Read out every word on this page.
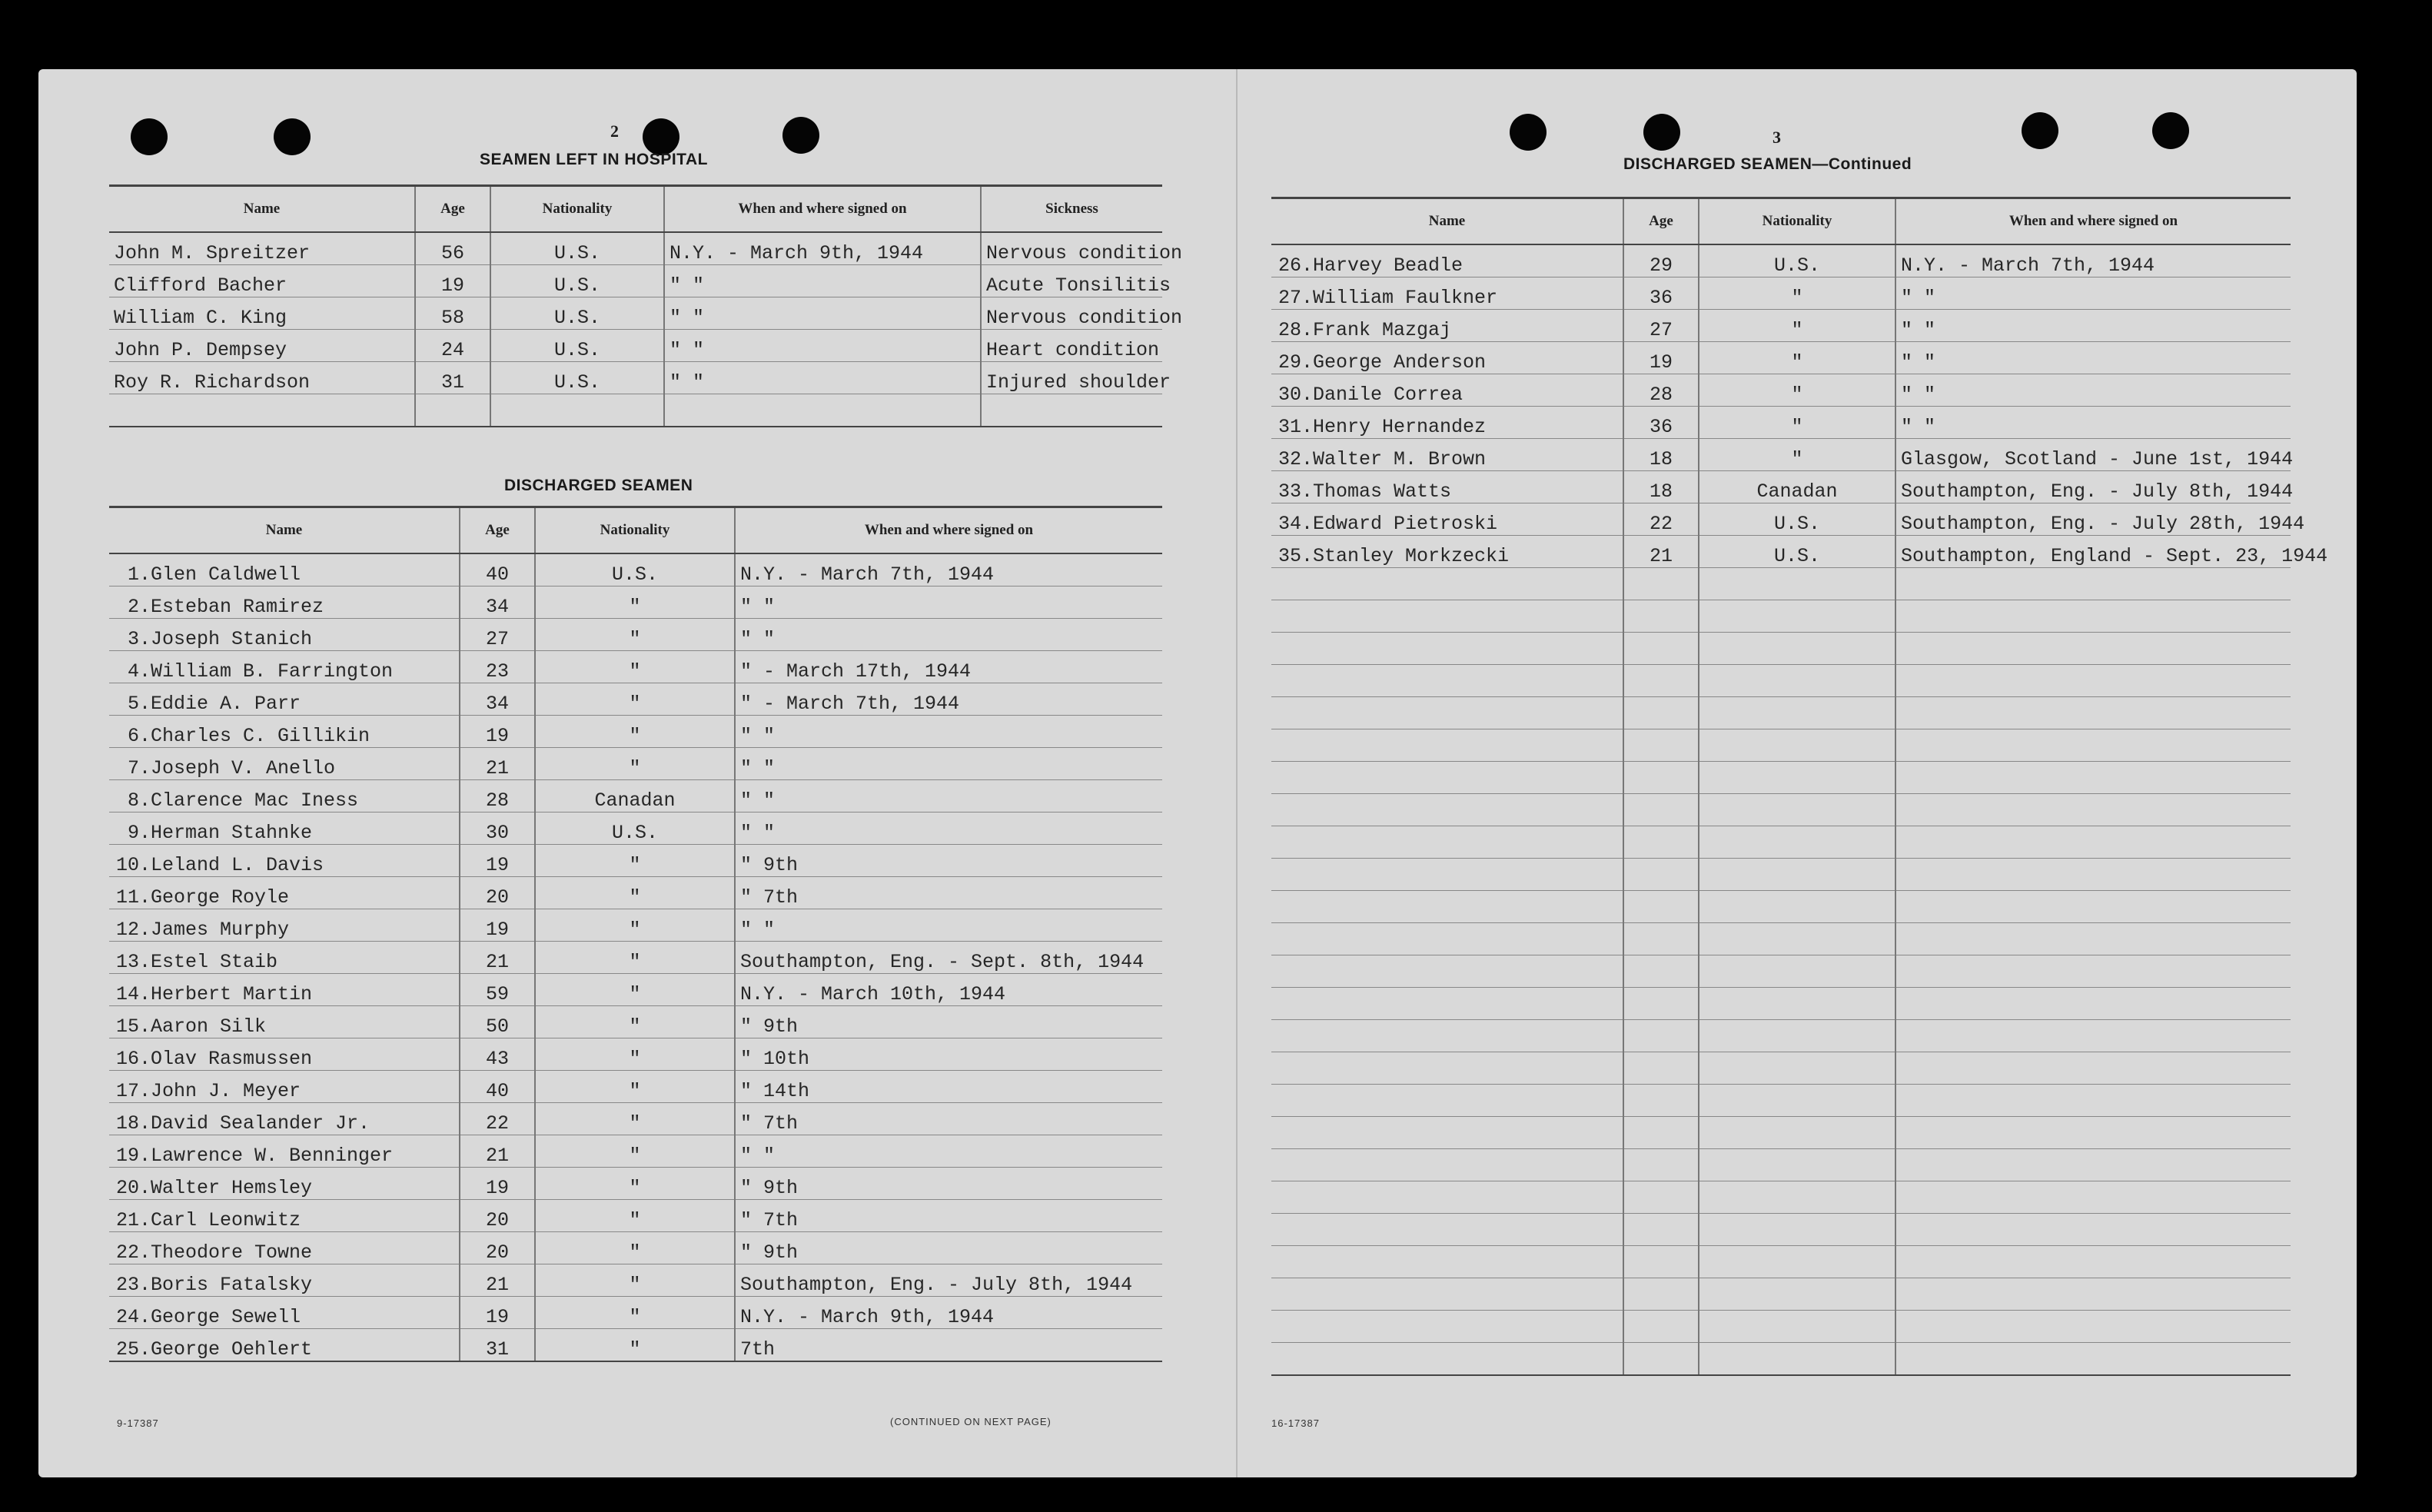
2
SEAMEN LEFT IN HOSPITAL
Name	Age	Nationality	When and where signed on	Sickness
John M. Spreitzer	56	U.S.	N.Y. - March 9th, 1944	Nervous condition
Clifford Bacher	19	U.S.	" "	Acute Tonsilitis
William C. King	58	U.S.	" "	Nervous condition
John P. Dempsey	24	U.S.	" "	Heart condition
Roy R. Richardson	31	U.S.	" "	Injured shoulder

DISCHARGED SEAMEN
Name	Age	Nationality	When and where signed on
1.Glen Caldwell	40	U.S.	N.Y. - March 7th, 1944
2.Esteban Ramirez	34	"	" "
3.Joseph Stanich	27	"	" "
4.William B. Farrington	23	"	" - March 17th, 1944
5.Eddie A. Parr	34	"	" - March 7th, 1944
6.Charles C. Gillikin	19	"	" "
7.Joseph V. Anello	21	"	" "
8.Clarence Mac Iness	28	Canadan	" "
9.Herman Stahnke	30	U.S.	" "
10.Leland L. Davis	19	"	" 9th
11.George Royle	20	"	" 7th
12.James Murphy	19	"	" "
13.Estel Staib	21	"	Southampton, Eng. - Sept. 8th, 1944
14.Herbert Martin	59	"	N.Y. - March 10th, 1944
15.Aaron Silk	50	"	" 9th
16.Olav Rasmussen	43	"	" 10th
17.John J. Meyer	40	"	" 14th
18.David Sealander Jr.	22	"	" 7th
19.Lawrence W. Benninger	21	"	" "
20.Walter Hemsley	19	"	" 9th
21.Carl Leonwitz	20	"	" 7th
22.Theodore Towne	20	"	" 9th
23.Boris Fatalsky	21	"	Southampton, Eng. - July 8th, 1944
24.George Sewell	19	"	N.Y. - March 9th, 1944
25.George Oehlert	31	"	7th
9-17387	(CONTINUED ON NEXT PAGE)
3
DISCHARGED SEAMEN—Continued
Name	Age	Nationality	When and where signed on
26.Harvey Beadle	29	U.S.	N.Y. - March 7th, 1944
27.William Faulkner	36	"	" "
28.Frank Mazgaj	27	"	" "
29.George Anderson	19	"	" "
30.Danile Correa	28	"	" "
31.Henry Hernandez	36	"	" "
32.Walter M. Brown	18	"	Glasgow, Scotland - June 1st, 1944
33.Thomas Watts	18	Canadan	Southampton, Eng. - July 8th, 1944
34.Edward Pietroski	22	U.S.	Southampton, Eng. - July 28th, 1944
35.Stanley Morkzecki	21	U.S.	Southampton, England - Sept. 23, 1944

16-17387
